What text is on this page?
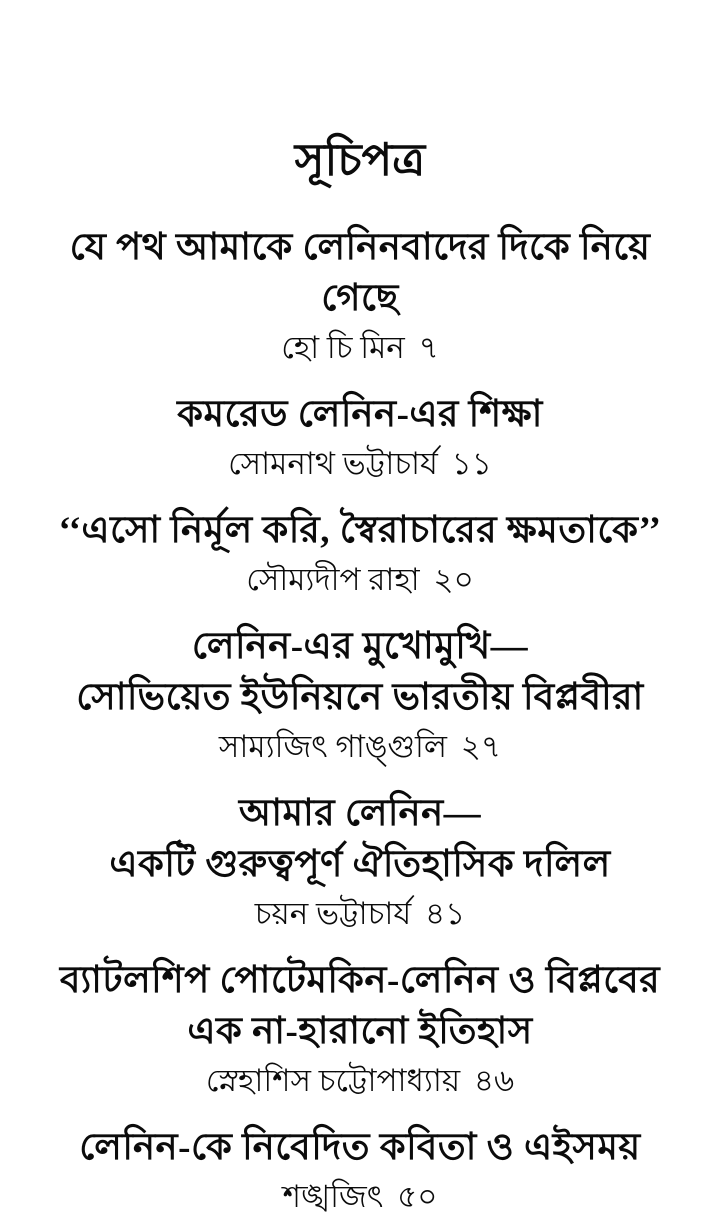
সূচিপত্র
যে পথ আমাকে লেনিনবাদের দিকে নিয়ে গেছে
হো চি মিন ৭
কমরেড লেনিন-এর শিক্ষা
সোমনাথ ভট্টাচার্য ১১
‘‘এসো নির্মূল করি, স্বৈরাচারের ক্ষমতাকে’’
সৌম্যদীপ রাহা ২০
লেনিন-এর মুখোমুখি—
সোভিয়েত ইউনিয়নে ভারতীয় বিপ্লবীরা
সাম্যজিৎ গাঙ্গুলি ২৭
আমার লেনিন—
একটি গুরুত্বপূর্ণ ঐতিহাসিক দলিল
চয়ন ভট্টাচার্য ৪১
ব্যাটলশিপ পোটেমকিন-লেনিন ও বিপ্লবের
এক না-হারানো ইতিহাস
স্নেহাশিস চট্টোপাধ্যায় ৪৬
লেনিন-কে নিবেদিত কবিতা ও এইসময়
শঙ্খজিৎ ৫০
